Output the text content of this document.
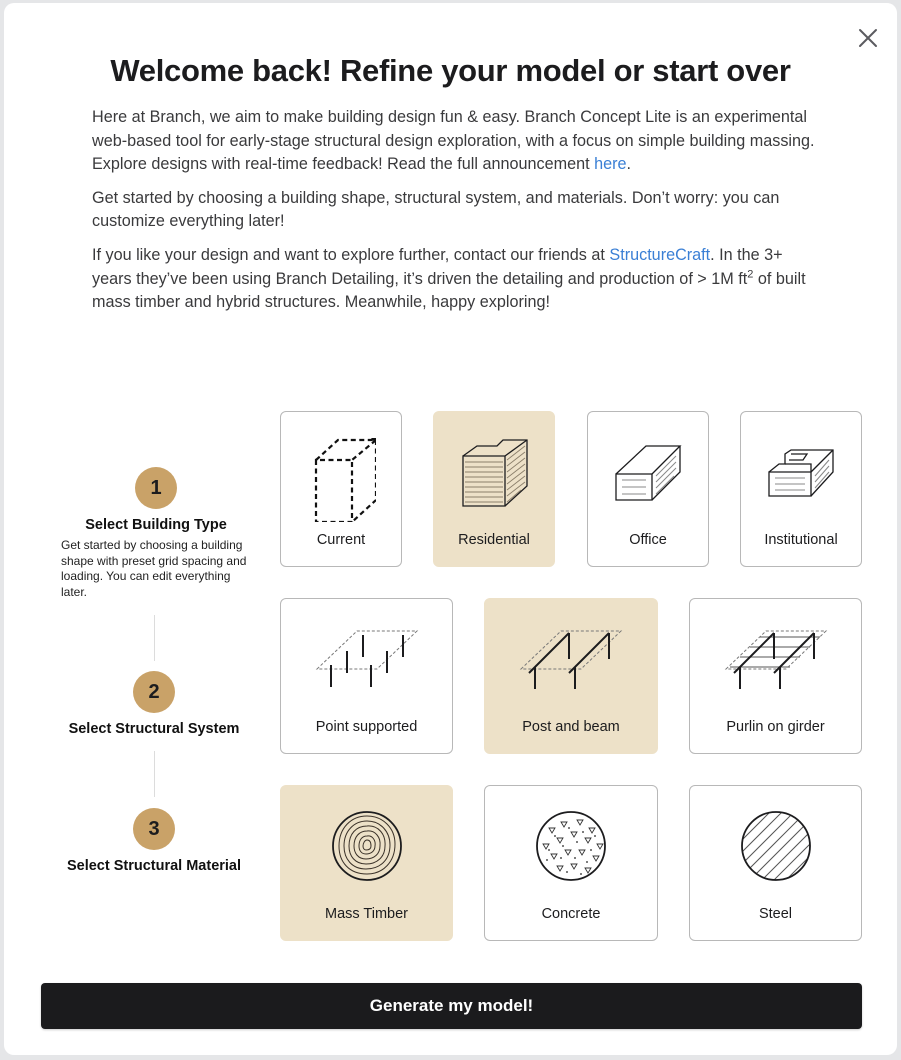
Welcome back! Refine your model or start over

Here at Branch, we aim to make building design fun & easy. Branch Concept Lite is an experimental web-based tool for early-stage structural design exploration, with a focus on simple building massing. Explore designs with real-time feedback! Read the full announcement here.

Get started by choosing a building shape, structural system, and materials. Don’t worry: you can customize everything later!

If you like your design and want to explore further, contact our friends at StructureCraft. In the 3+ years they’ve been using Branch Detailing, it’s driven the detailing and production of > 1M $ft^2$ of built mass timber and hybrid structures. Meanwhile, happy exploring!

1
Select Building Type
Get started by choosing a building shape with preset grid spacing and loading. You can edit everything later.
2
Select Structural System
3
Select Structural Material
Current	Residential	Office	Institutional
Point supported	Post and beam	Purlin on girder
Mass Timber	Concrete	Steel
Generate my model!
